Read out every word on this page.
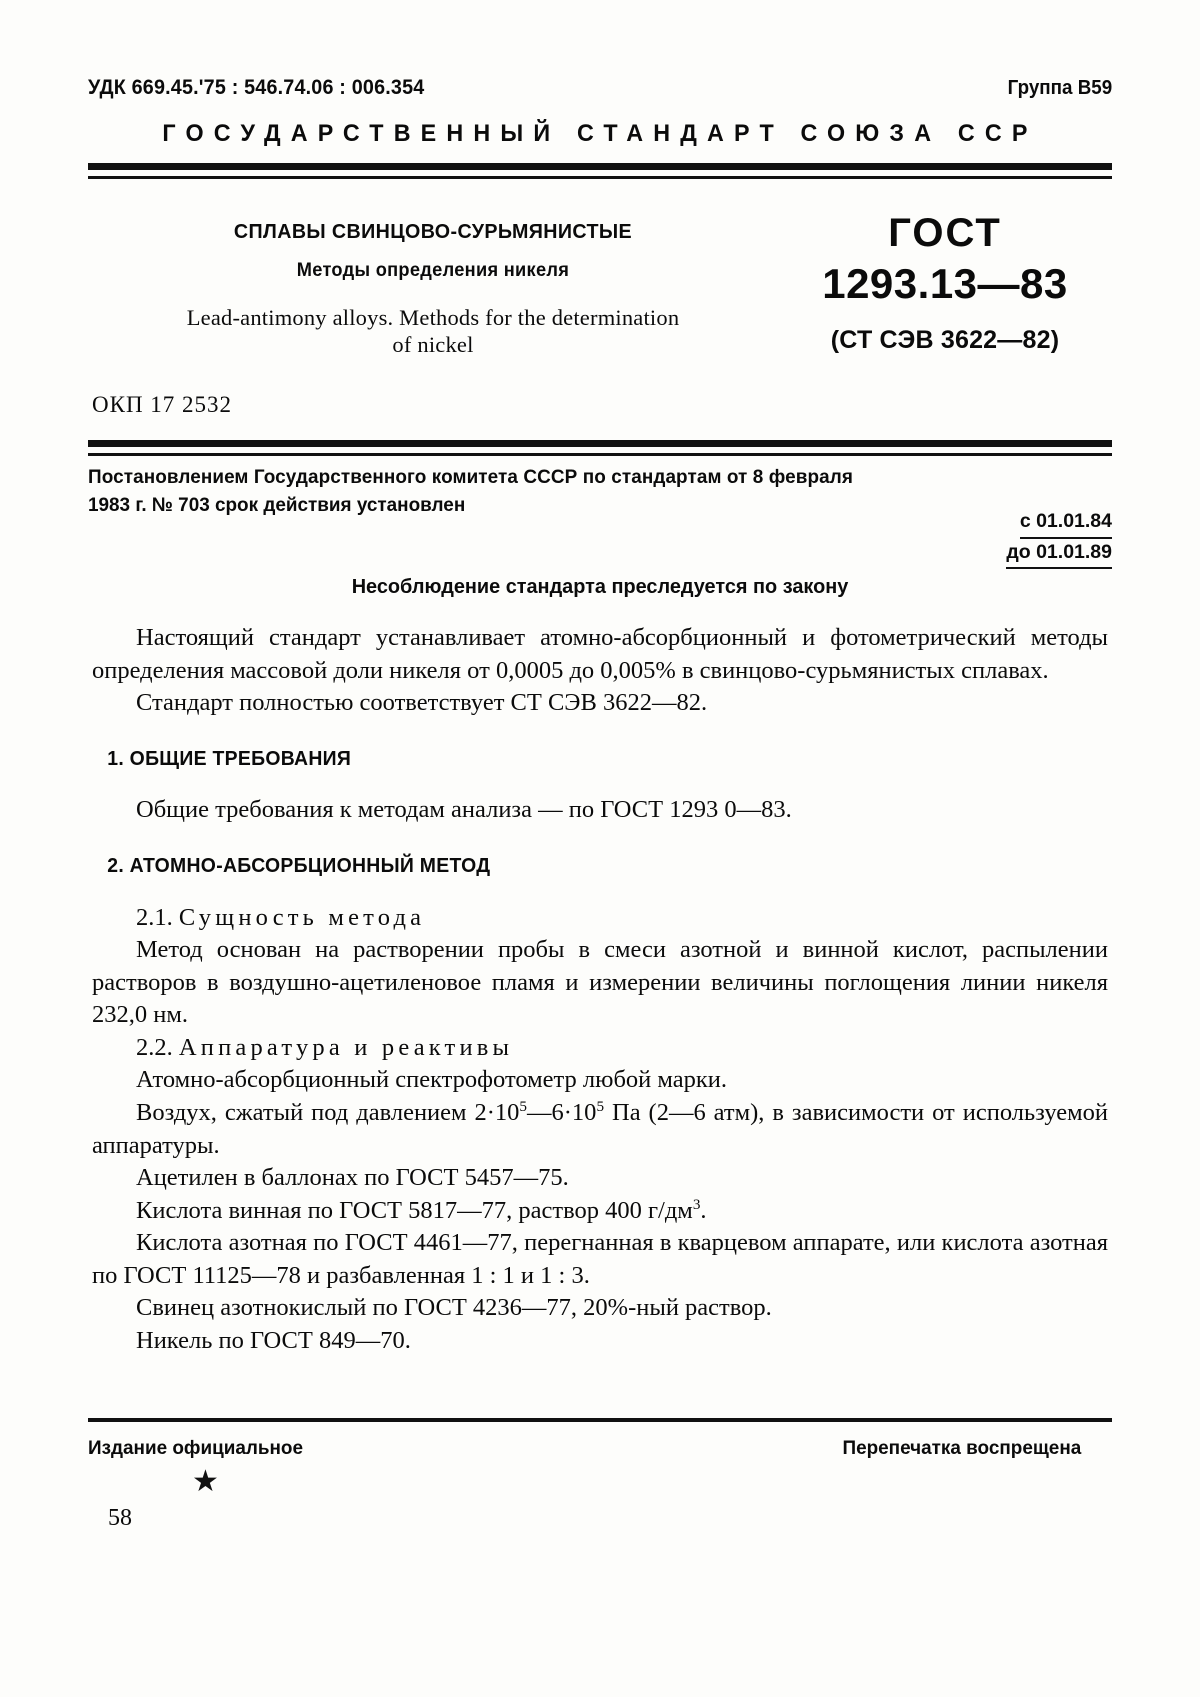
УДК 669.45.'75 : 546.74.06 : 006.354	Группа В59
ГОСУДАРСТВЕННЫЙ СТАНДАРТ СОЮЗА ССР
СПЛАВЫ СВИНЦОВО-СУРЬМЯНИСТЫЕ
Методы определения никеля
Lead-antimony alloys. Methods for the determination
of nickel
ГОСТ
1293.13—83
(СТ СЭВ 3622—82)
ОКП 17 2532
Постановлением Государственного комитета СССР по стандартам от 8 февраля
1983 г. № 703 срок действия установлен
с 01.01.84
до 01.01.89
Несоблюдение стандарта преследуется по закону

Настоящий стандарт устанавливает атомно-абсорбционный и фотометрический методы определения массовой доли никеля от 0,0005 до 0,005% в свинцово-сурьмянистых сплавах.

Стандарт полностью соответствует СТ СЭВ 3622—82.

1. ОБЩИЕ ТРЕБОВАНИЯ

Общие требования к методам анализа — по ГОСТ 1293 0—83.

2. АТОМНО-АБСОРБЦИОННЫЙ МЕТОД

2.1. Сущность метода

Метод основан на растворении пробы в смеси азотной и винной кислот, распылении растворов в воздушно-ацетиленовое пламя и измерении величины поглощения линии никеля 232,0 нм.

2.2. Аппаратура и реактивы

Атомно-абсорбционный спектрофотометр любой марки.

Воздух, сжатый под давлением $2\cdot 10^5—6\cdot 10^5$ Па (2—6 атм), в зависимости от используемой аппаратуры.

Ацетилен в баллонах по ГОСТ 5457—75.

Кислота винная по ГОСТ 5817—77, раствор 400 $г/дм^3$.

Кислота азотная по ГОСТ 4461—77, перегнанная в кварцевом аппарате, или кислота азотная по ГОСТ 11125—78 и разбавленная 1 : 1 и 1 : 3.

Свинец азотнокислый по ГОСТ 4236—77, 20%-ный раствор.

Никель по ГОСТ 849—70.

Издание официальное	Перепечатка воспрещена
★
58
